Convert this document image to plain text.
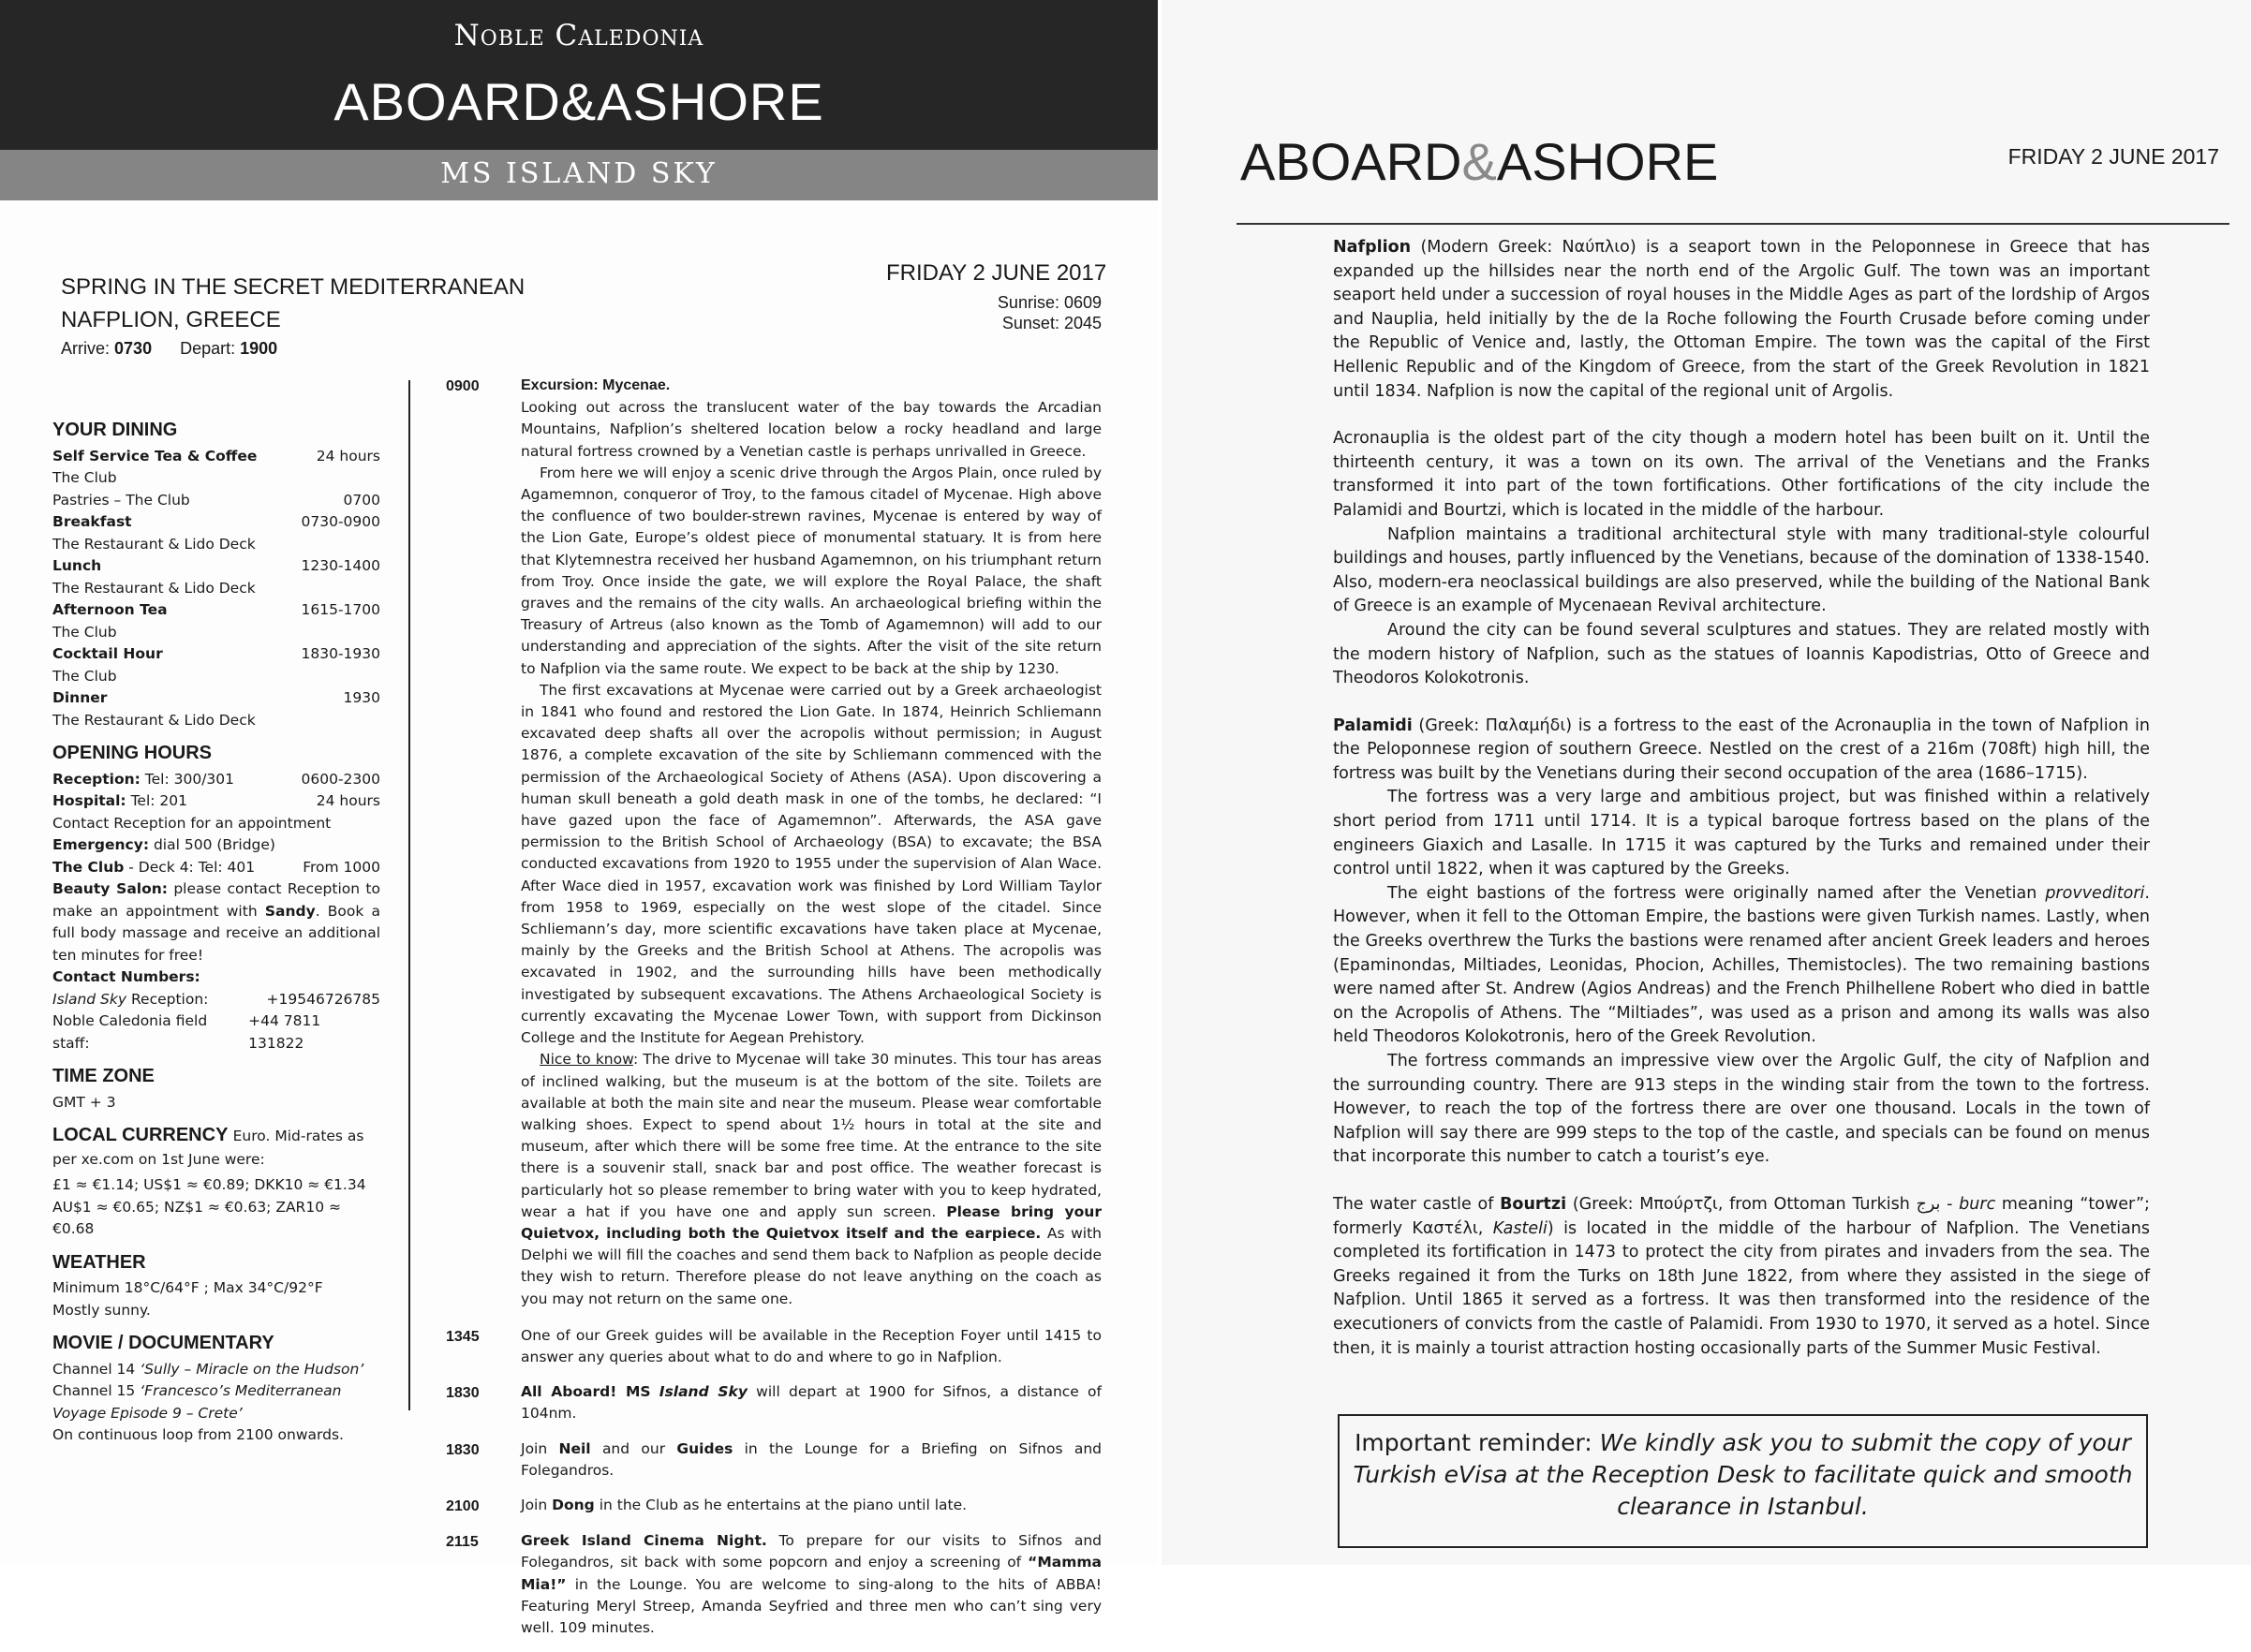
Noble Caledonia
ABOARD&ASHORE
MS ISLAND SKY
SPRING IN THE SECRET MEDITERRANEAN
NAFPLION, GREECE
Arrive: 0730 Depart: 1900
FRIDAY 2 JUNE 2017
Sunrise: 0609
Sunset: 2045
YOUR DINING
Self Service Tea & Coffee	24 hours
The Club
Pastries – The Club	0700
Breakfast	0730-0900
The Restaurant & Lido Deck
Lunch	1230-1400
The Restaurant & Lido Deck
Afternoon Tea	1615-1700
The Club
Cocktail Hour	1830-1930
The Club
Dinner	1930
The Restaurant & Lido Deck
OPENING HOURS
Reception: Tel: 300/301	0600-2300
Hospital: Tel: 201	24 hours
Contact Reception for an appointment
Emergency: dial 500 (Bridge)
The Club - Deck 4: Tel: 401	From 1000
Beauty Salon: please contact Reception to make an appointment with Sandy. Book a full body massage and receive an additional ten minutes for free!
Contact Numbers:
Island Sky Reception:	+19546726785
Noble Caledonia field staff:
+44 7811 131822
TIME ZONE
GMT + 3
LOCAL CURRENCY Euro. Mid-rates as per xe.com on 1st June were:
£1 ≈ €1.14; US$1 ≈ €0.89; DKK10 ≈ €1.34
AU$1 ≈ €0.65; NZ$1 ≈ €0.63; ZAR10 ≈ €0.68
WEATHER
Minimum 18°C/64°F ; Max 34°C/92°F
Mostly sunny.
MOVIE / DOCUMENTARY
Channel 14 ‘Sully – Miracle on the Hudson’
Channel 15 ‘Francesco’s Mediterranean Voyage Episode 9 – Crete’
On continuous loop from 2100 onwards.
0900	Excursion: Mycenae.

Looking out across the translucent water of the bay towards the Arcadian Mountains, Nafplion’s sheltered location below a rocky headland and large natural fortress crowned by a Venetian castle is perhaps unrivalled in Greece.

From here we will enjoy a scenic drive through the Argos Plain, once ruled by Agamemnon, conqueror of Troy, to the famous citadel of Mycenae. High above the confluence of two boulder-strewn ravines, Mycenae is entered by way of the Lion Gate, Europe’s oldest piece of monumental statuary. It is from here that Klytemnestra received her husband Agamemnon, on his triumphant return from Troy. Once inside the gate, we will explore the Royal Palace, the shaft graves and the remains of the city walls. An archaeological briefing within the Treasury of Artreus (also known as the Tomb of Agamemnon) will add to our understanding and appreciation of the sights. After the visit of the site return to Nafplion via the same route. We expect to be back at the ship by 1230.

The first excavations at Mycenae were carried out by a Greek archaeologist in 1841 who found and restored the Lion Gate. In 1874, Heinrich Schliemann excavated deep shafts all over the acropolis without permission; in August 1876, a complete excavation of the site by Schliemann commenced with the permission of the Archaeological Society of Athens (ASA). Upon discovering a human skull beneath a gold death mask in one of the tombs, he declared: “I have gazed upon the face of Agamemnon”. Afterwards, the ASA gave permission to the British School of Archaeology (BSA) to excavate; the BSA conducted excavations from 1920 to 1955 under the supervision of Alan Wace. After Wace died in 1957, excavation work was finished by Lord William Taylor from 1958 to 1969, especially on the west slope of the citadel. Since Schliemann’s day, more scientific excavations have taken place at Mycenae, mainly by the Greeks and the British School at Athens. The acropolis was excavated in 1902, and the surrounding hills have been methodically investigated by subsequent excavations. The Athens Archaeological Society is currently excavating the Mycenae Lower Town, with support from Dickinson College and the Institute for Aegean Prehistory.

Nice to know: The drive to Mycenae will take 30 minutes. This tour has areas of inclined walking, but the museum is at the bottom of the site. Toilets are available at both the main site and near the museum. Please wear comfortable walking shoes. Expect to spend about 1½ hours in total at the site and museum, after which there will be some free time. At the entrance to the site there is a souvenir stall, snack bar and post office. The weather forecast is particularly hot so please remember to bring water with you to keep hydrated, wear a hat if you have one and apply sun screen. Please bring your Quietvox, including both the Quietvox itself and the earpiece. As with Delphi we will fill the coaches and send them back to Nafplion as people decide they wish to return. Therefore please do not leave anything on the coach as you may not return on the same one.

1345	One of our Greek guides will be available in the Reception Foyer until 1415 to answer any queries about what to do and where to go in Nafplion.
1830	All Aboard! MS Island Sky will depart at 1900 for Sifnos, a distance of 104nm.
1830	Join Neil and our Guides in the Lounge for a Briefing on Sifnos and Folegandros.
2100	Join Dong in the Club as he entertains at the piano until late.
2115	Greek Island Cinema Night. To prepare for our visits to Sifnos and Folegandros, sit back with some popcorn and enjoy a screening of “Mamma Mia!” in the Lounge. You are welcome to sing-along to the hits of ABBA! Featuring Meryl Streep, Amanda Seyfried and three men who can’t sing very well. 109 minutes.
ABOARD&ASHORE	FRIDAY 2 JUNE 2017

Nafplion (Modern Greek: Ναύπλιο) is a seaport town in the Peloponnese in Greece that has expanded up the hillsides near the north end of the Argolic Gulf. The town was an important seaport held under a succession of royal houses in the Middle Ages as part of the lordship of Argos and Nauplia, held initially by the de la Roche following the Fourth Crusade before coming under the Republic of Venice and, lastly, the Ottoman Empire. The town was the capital of the First Hellenic Republic and of the Kingdom of Greece, from the start of the Greek Revolution in 1821 until 1834. Nafplion is now the capital of the regional unit of Argolis.

Acronauplia is the oldest part of the city though a modern hotel has been built on it. Until the thirteenth century, it was a town on its own. The arrival of the Venetians and the Franks transformed it into part of the town fortifications. Other fortifications of the city include the Palamidi and Bourtzi, which is located in the middle of the harbour.

Nafplion maintains a traditional architectural style with many traditional-style colourful buildings and houses, partly influenced by the Venetians, because of the domination of 1338-1540. Also, modern-era neoclassical buildings are also preserved, while the building of the National Bank of Greece is an example of Mycenaean Revival architecture.

Around the city can be found several sculptures and statues. They are related mostly with the modern history of Nafplion, such as the statues of Ioannis Kapodistrias, Otto of Greece and Theodoros Kolokotronis.

Palamidi (Greek: Παλαμήδι) is a fortress to the east of the Acronauplia in the town of Nafplion in the Peloponnese region of southern Greece. Nestled on the crest of a 216m (708ft) high hill, the fortress was built by the Venetians during their second occupation of the area (1686–1715).

The fortress was a very large and ambitious project, but was finished within a relatively short period from 1711 until 1714. It is a typical baroque fortress based on the plans of the engineers Giaxich and Lasalle. In 1715 it was captured by the Turks and remained under their control until 1822, when it was captured by the Greeks.

The eight bastions of the fortress were originally named after the Venetian provveditori. However, when it fell to the Ottoman Empire, the bastions were given Turkish names. Lastly, when the Greeks overthrew the Turks the bastions were renamed after ancient Greek leaders and heroes (Epaminondas, Miltiades, Leonidas, Phocion, Achilles, Themistocles). The two remaining bastions were named after St. Andrew (Agios Andreas) and the French Philhellene Robert who died in battle on the Acropolis of Athens. The “Miltiades”, was used as a prison and among its walls was also held Theodoros Kolokotronis, hero of the Greek Revolution.

The fortress commands an impressive view over the Argolic Gulf, the city of Nafplion and the surrounding country. There are 913 steps in the winding stair from the town to the fortress. However, to reach the top of the fortress there are over one thousand. Locals in the town of Nafplion will say there are 999 steps to the top of the castle, and specials can be found on menus that incorporate this number to catch a tourist’s eye.

The water castle of Bourtzi (Greek: Μπούρτζι, from Ottoman Turkish برج - burc meaning “tower”; formerly Καστέλι, Kasteli) is located in the middle of the harbour of Nafplion. The Venetians completed its fortification in 1473 to protect the city from pirates and invaders from the sea. The Greeks regained it from the Turks on 18th June 1822, from where they assisted in the siege of Nafplion. Until 1865 it served as a fortress. It was then transformed into the residence of the executioners of convicts from the castle of Palamidi. From 1930 to 1970, it served as a hotel. Since then, it is mainly a tourist attraction hosting occasionally parts of the Summer Music Festival.

Important reminder: We kindly ask you to submit the copy of your Turkish eVisa at the Reception Desk to facilitate quick and smooth clearance in Istanbul.
